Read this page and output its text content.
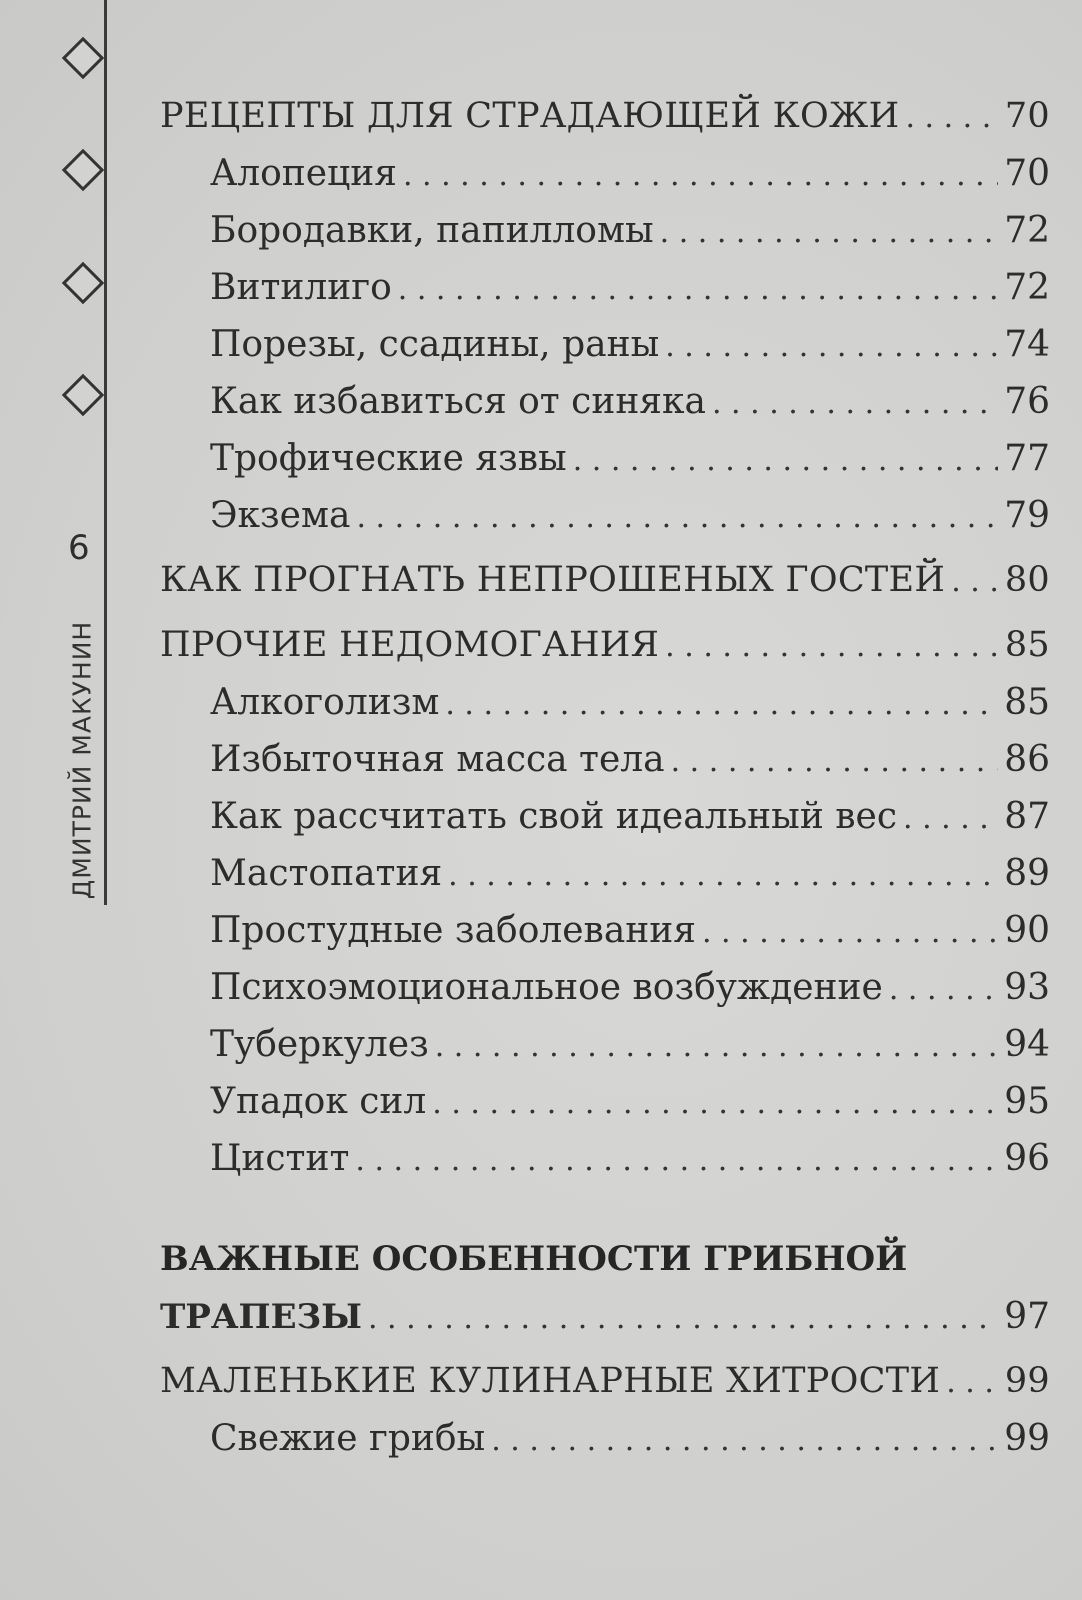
6
ДМИТРИЙ МАКУНИН
РЕЦЕПТЫ ДЛЯ СТРАДАЮЩЕЙ КОЖИ . . .	70
Алопеция . . .	70
Бородавки, папилломы . . .	72
Витилиго . . .	72
Порезы, ссадины, раны . . .	74
Как избавиться от синяка . . .	76
Трофические язвы . . .	77
Экзема . . .	79
КАК ПРОГНАТЬ НЕПРОШЕНЫХ ГОСТЕЙ . . . 80
ПРОЧИЕ НЕДОМОГАНИЯ . . .	85
Алкоголизм . . .	85
Избыточная масса тела . . .	86
Как рассчитать свой идеальный вес . . .	87
Мастопатия . . .	89
Простудные заболевания . . .	90
Психоэмоциональное возбуждение . . .	93
Туберкулез . . .	94
Упадок сил . . .	95
Цистит . . .	96
ВАЖНЫЕ ОСОБЕННОСТИ ГРИБНОЙ
ТРАПЕЗЫ . . .	97
МАЛЕНЬКИЕ КУЛИНАРНЫЕ ХИТРОСТИ . . . 99
Свежие грибы . . .	99
